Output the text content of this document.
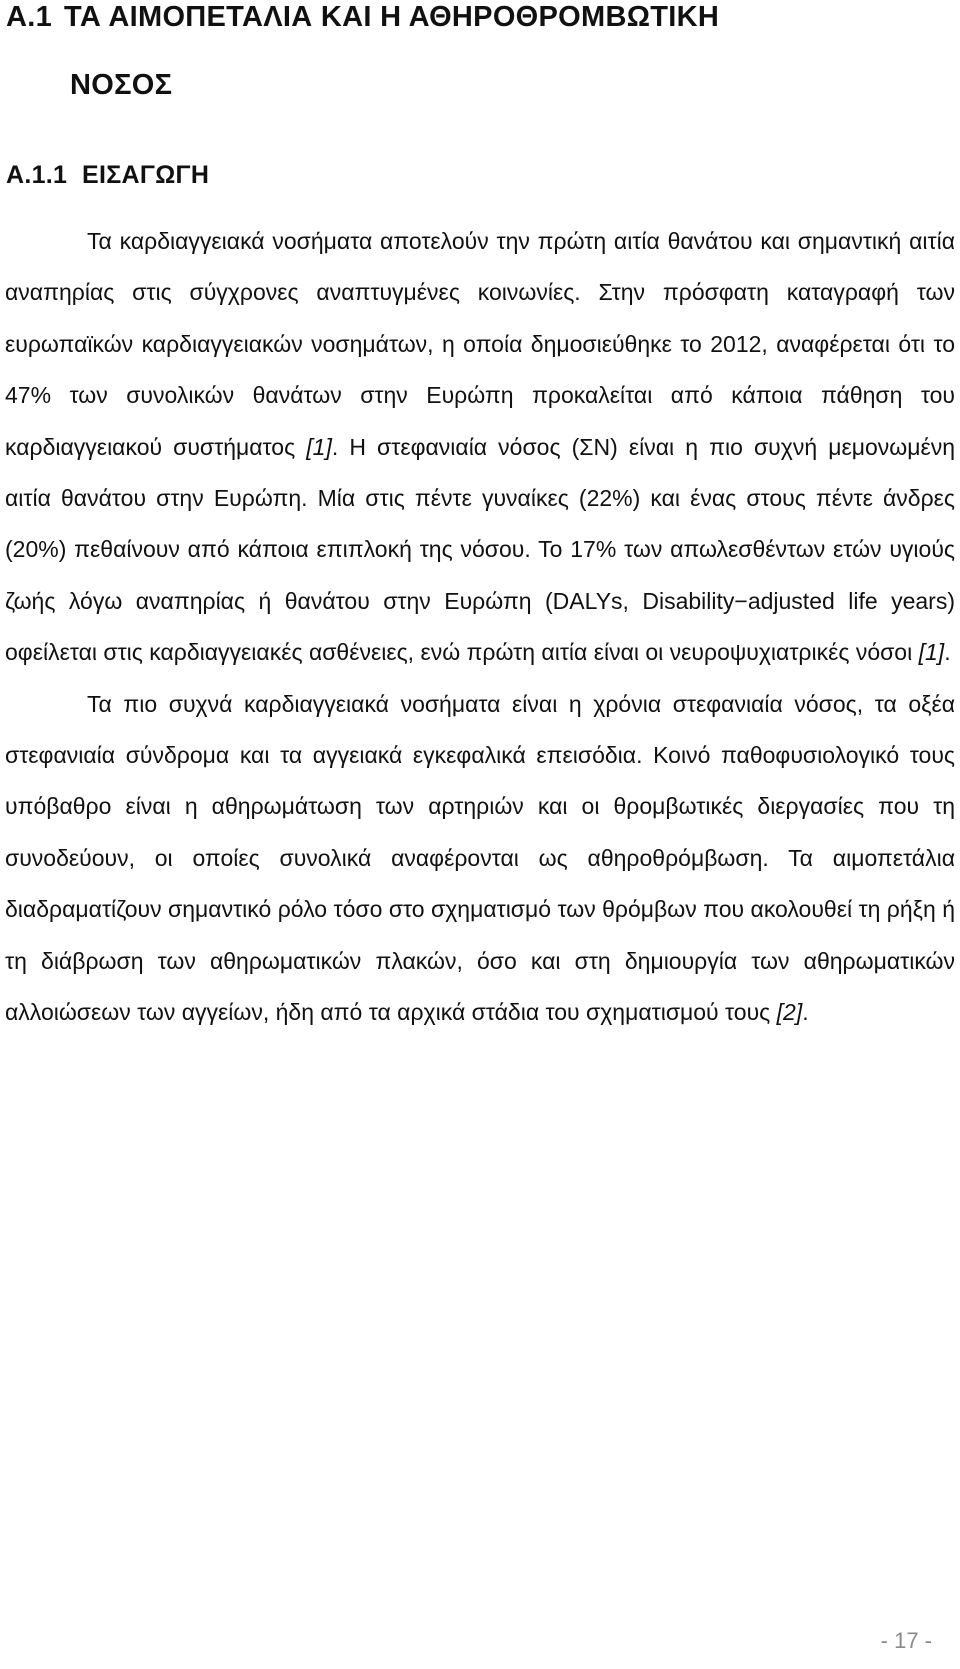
A.1 ΤΑ ΑΙΜΟΠΕΤΑΛΙΑ ΚΑΙ Η ΑΘΗΡΟΘΡΟΜΒΩΤΙΚΗ
ΝΟΣΟΣ
A.1.1 ΕΙΣΑΓΩΓΗ

Τα καρδιαγγειακά νοσήματα αποτελούν την πρώτη αιτία θανάτου και σημαντική αιτία αναπηρίας στις σύγχρονες αναπτυγμένες κοινωνίες. Στην πρόσφατη καταγραφή των ευρωπαϊκών καρδιαγγειακών νοσημάτων, η οποία δημοσιεύθηκε το 2012, αναφέρεται ότι το 47% των συνολικών θανάτων στην Ευρώπη προκαλείται από κάποια πάθηση του καρδιαγγειακού συστήματος [1]. Η στεφανιαία νόσος (ΣΝ) είναι η πιο συχνή μεμονωμένη αιτία θανάτου στην Ευρώπη. Μία στις πέντε γυναίκες (22%) και ένας στους πέντε άνδρες (20%) πεθαίνουν από κάποια επιπλοκή της νόσου. Το 17% των απωλεσθέντων ετών υγιούς ζωής λόγω αναπηρίας ή θανάτου στην Ευρώπη (DALYs, Disability−adjusted life years) οφείλεται στις καρδιαγγειακές ασθένειες, ενώ πρώτη αιτία είναι οι νευροψυχιατρικές νόσοι [1].

Τα πιο συχνά καρδιαγγειακά νοσήματα είναι η χρόνια στεφανιαία νόσος, τα οξέα στεφανιαία σύνδρομα και τα αγγειακά εγκεφαλικά επεισόδια. Κοινό παθοφυσιολογικό τους υπόβαθρο είναι η αθηρωμάτωση των αρτηριών και οι θρομβωτικές διεργασίες που τη συνοδεύουν, οι οποίες συνολικά αναφέρονται ως αθηροθρόμβωση. Τα αιμοπετάλια διαδραματίζουν σημαντικό ρόλο τόσο στο σχηματισμό των θρόμβων που ακολουθεί τη ρήξη ή τη διάβρωση των αθηρωματικών πλακών, όσο και στη δημιουργία των αθηρωματικών αλλοιώσεων των αγγείων, ήδη από τα αρχικά στάδια του σχηματισμού τους [2].

- 17 -
